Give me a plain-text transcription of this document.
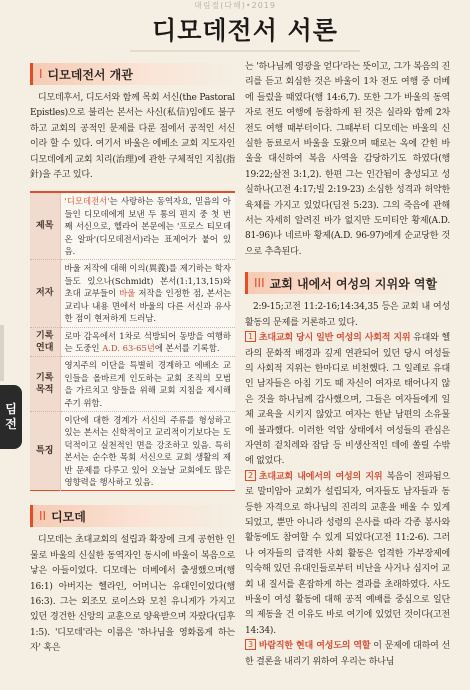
대림절(다해)•2019
디모데전서 서론
딤전
I 디모데전서 개관

디모데후서, 디도서와 함께 목회 서신(the Pastoral Epistles)으로 불리는 본서는 사신(私信)임에도 불구하고 교회의 공적인 문제를 다룬 점에서 공적인 서신이라 할 수 있다. 여기서 바울은 에베소 교회 지도자인 디모데에게 교회 치리(治理)에 관한 구체적인 지침(指針)을 주고 있다.

제목	'디모데전서'는 사랑하는 동역자요, 믿음의 아들인 디모데에게 보낸 두 통의 편지 중 첫 번째 서신으로, 헬라어 본문에는 '프로스 티모데온 알파'(디모데전서)라는 표제어가 붙어 있음.
저자	바울 저작에 대해 이의(異義)를 제기하는 학자들도 있으나(Schmidt) 본서(1:1,13,15)와 초대 교부들이 바울 저작을 인정한 점, 본서는 교리나 내용 면에서 바울의 다른 서신과 유사한 점이 현저하게 드러남.
기록 연대	로마 감옥에서 1차로 석방되어 동방을 여행하는 도중인 A.D. 63-65년에 본서를 기록함.
기록 목적	영지주의 이단을 특별히 경계하고 에베소 교인들을 올바르게 인도하는 교회 조직의 모범을 가르치고 양들을 위해 교회 지침을 제시해 주기 위함.
특징	이단에 대한 경계가 서신의 주류를 형성하고 있는 본서는 신학적이고 교리적이기보다는 도덕적이고 실천적인 면을 강조하고 있음. 특히 본서는 순수한 목회 서신으로 교회 생활의 제반 문제를 다루고 있어 오늘날 교회에도 많은 영향력을 행사하고 있음.
II 디모데

디모데는 초대교회의 설립과 확장에 크게 공헌한 인물로 바울의 신실한 동역자인 동시에 바울이 복음으로 낳은 아들이었다. 디모데는 더베에서 출생했으며(행 16:1) 아버지는 헬라인, 어머니는 유대인이었다(행 16:3). 그는 외조모 로이스와 모친 유니게가 가지고 있던 경건한 신앙의 교훈으로 양육받으며 자랐다(딤후 1:5). '디모데'라는 이름은 '하나님을 영화롭게 하는 자' 혹은

는 '하나님께 영광을 얻다'라는 뜻이고, 그가 복음의 진리를 듣고 회심한 것은 바울이 1차 전도 여행 중 더베에 들렀을 때였다(행 14:6,7). 또한 그가 바울의 동역자로 전도 여행에 동참하게 된 것은 실라와 함께 2차 전도 여행 때부터이다. 그때부터 디모데는 바울의 신실한 동료로서 바울을 도왔으며 때로는 옥에 갇힌 바울을 대신하여 복음 사역을 감당하기도 하였다(행 19:22;살전 3:1,2). 한편 그는 인간됨이 충성되고 성실하나(고전 4:17;빌 2:19-23) 소심한 성격과 허약한 육체를 가지고 있었다(딤전 5:23). 그의 죽음에 관해서는 자세히 알려진 바가 없지만 도미티안 황제(A.D. 81-96)나 네르바 황제(A.D. 96-97)에게 순교당한 것으로 추측된다.

III 교회 내에서 여성의 지위와 역할

2:9-15;고전 11:2-16;14:34,35 등은 교회 내 여성 활동의 문제를 거론하고 있다.

1 초대교회 당시 일반 여성의 사회적 지위 유대와 헬라의 문화적 배경과 깊게 연관되어 있던 당시 여성들의 사회적 지위는 한마디로 비천했다. 그 일례로 유대인 남자들은 아침 기도 때 자신이 여자로 태어나지 않은 것을 하나님께 감사했으며, 그들은 여자들에게 일체 교육을 시키지 않았고 여자는 한낱 남편의 소유물에 불과했다. 이러한 억압 상태에서 여성들의 관심은 자연히 겉치레와 잡담 등 비생산적인 데에 쏠릴 수밖에 없었다.

2 초대교회 내에서의 여성의 지위 복음이 전파됨으로 말미암아 교회가 설립되자, 여자들도 남자들과 동등한 자격으로 하나님의 진리의 교훈을 배울 수 있게 되었고, 뿐만 아니라 성령의 은사를 따라 각종 봉사와 활동에도 참여할 수 있게 되었다(고전 11:2-6). 그러나 여자들의 급격한 사회 활동은 엄격한 가부장제에 익숙해 있던 유대인들로부터 비난을 사거나 심지어 교회 내 질서를 혼잡하게 하는 결과를 초래하였다. 사도 바울이 여성 활동에 대해 공적 예배를 중심으로 일단의 제동을 건 이유도 바로 여기에 있었던 것이다(고전 14:34).

3 바람직한 현대 여성도의 역할 이 문제에 대하여 선한 결론을 내리기 위하여 우리는 하나님
